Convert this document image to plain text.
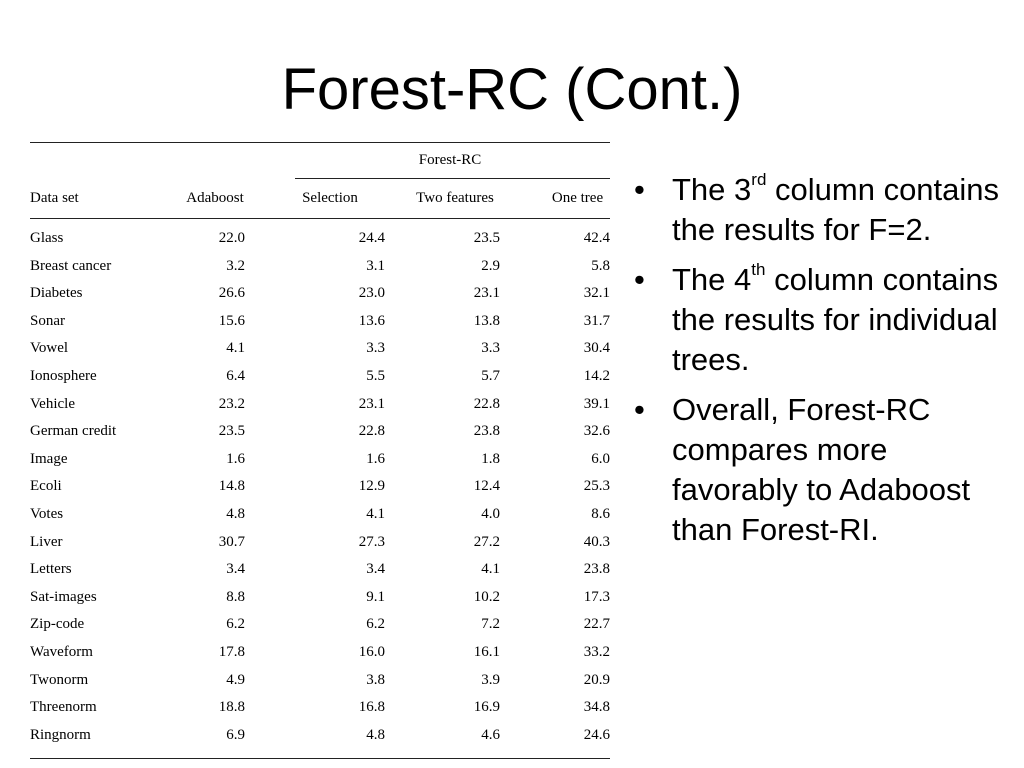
Forest-RC (Cont.)
Forest-RC
Data set	Adaboost	Selection	Two features	One tree
Glass	22.0	24.4	23.5	42.4
Breast cancer	3.2	3.1	2.9	5.8
Diabetes	26.6	23.0	23.1	32.1
Sonar	15.6	13.6	13.8	31.7
Vowel	4.1	3.3	3.3	30.4
Ionosphere	6.4	5.5	5.7	14.2
Vehicle	23.2	23.1	22.8	39.1
German credit	23.5	22.8	23.8	32.6
Image	1.6	1.6	1.8	6.0
Ecoli	14.8	12.9	12.4	25.3
Votes	4.8	4.1	4.0	8.6
Liver	30.7	27.3	27.2	40.3
Letters	3.4	3.4	4.1	23.8
Sat-images	8.8	9.1	10.2	17.3
Zip-code	6.2	6.2	7.2	22.7
Waveform	17.8	16.0	16.1	33.2
Twonorm	4.9	3.8	3.9	20.9
Threenorm	18.8	16.8	16.9	34.8
Ringnorm	6.9	4.8	4.6	24.6
• The 3rd column contains the results for F=2.
• The 4th column contains the results for individual trees.
• Overall, Forest-RC compares more favorably to Adaboost than Forest-RI.
